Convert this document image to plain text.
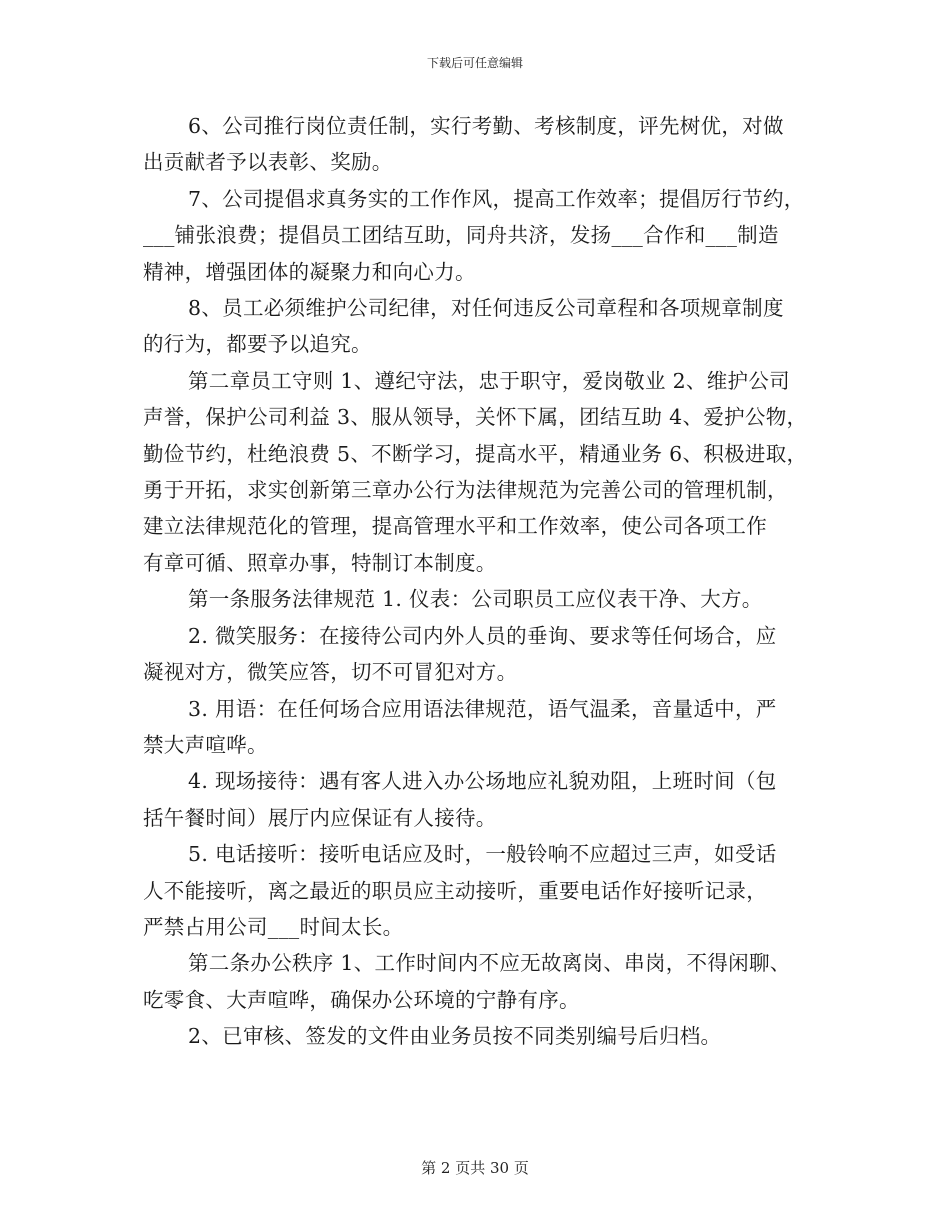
下载后可任意编辑

6、公司推行岗位责任制，实行考勤、考核制度，评先树优，对做
出贡献者予以表彰、奖励。

7、公司提倡求真务实的工作作风，提高工作效率；提倡厉行节约，
___铺张浪费；提倡员工团结互助，同舟共济，发扬___合作和___制造
精神，增强团体的凝聚力和向心力。

8、员工必须维护公司纪律，对任何违反公司章程和各项规章制度
的行为，都要予以追究。

第二章员工守则 1、遵纪守法，忠于职守，爱岗敬业 2、维护公司
声誉，保护公司利益 3、服从领导，关怀下属，团结互助 4、爱护公物，
勤俭节约，杜绝浪费 5、不断学习，提高水平，精通业务 6、积极进取，
勇于开拓，求实创新第三章办公行为法律规范为完善公司的管理机制，
建立法律规范化的管理，提高管理水平和工作效率，使公司各项工作
有章可循、照章办事，特制订本制度。

第一条服务法律规范 1. 仪表：公司职员工应仪表干净、大方。

2. 微笑服务：在接待公司内外人员的垂询、要求等任何场合，应
凝视对方，微笑应答，切不可冒犯对方。

3. 用语：在任何场合应用语法律规范，语气温柔，音量适中，严
禁大声喧哗。

4. 现场接待：遇有客人进入办公场地应礼貌劝阻，上班时间（包
括午餐时间）展厅内应保证有人接待。

5. 电话接听：接听电话应及时，一般铃响不应超过三声，如受话
人不能接听，离之最近的职员应主动接听，重要电话作好接听记录，
严禁占用公司___时间太长。

第二条办公秩序 1、工作时间内不应无故离岗、串岗，不得闲聊、
吃零食、大声喧哗，确保办公环境的宁静有序。

2、已审核、签发的文件由业务员按不同类别编号后归档。

第 2 页共 30 页
